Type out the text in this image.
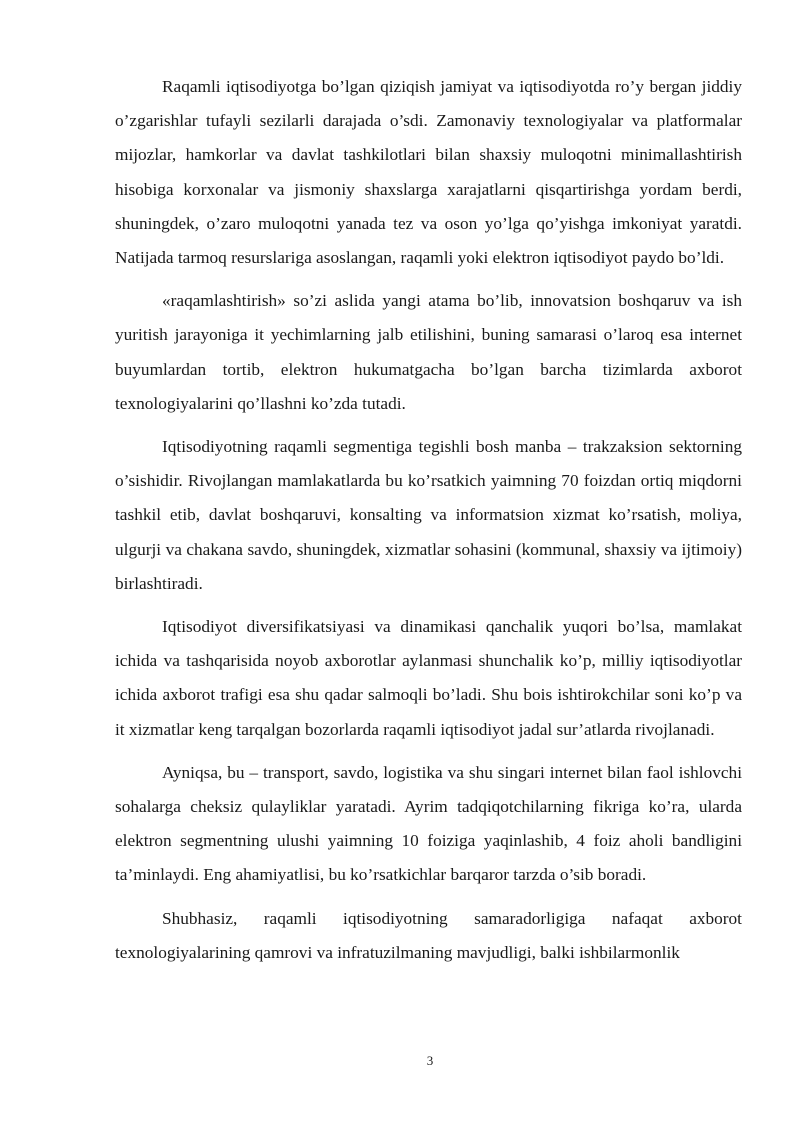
Raqamli iqtisodiyotga bo’lgan qiziqish jamiyat va iqtisodiyotda ro’y bergan jiddiy o’zgarishlar tufayli sezilarli darajada o’sdi. Zamonaviy texnologiyalar va platformalar mijozlar, hamkorlar va davlat tashkilotlari bilan shaxsiy muloqotni minimallashtirish hisobiga korxonalar va jismoniy shaxslarga xarajatlarni qisqartirishga yordam berdi, shuningdek, o’zaro muloqotni yanada tez va oson yo’lga qo’yishga imkoniyat yaratdi. Natijada tarmoq resurslariga asoslangan, raqamli yoki elektron iqtisodiyot paydo bo’ldi.

«raqamlashtirish» so’zi aslida yangi atama bo’lib, innovatsion boshqaruv va ish yuritish jarayoniga it yechimlarning jalb etilishini, buning samarasi o’laroq esa internet buyumlardan tortib, elektron hukumatgacha bo’lgan barcha tizimlarda axborot texnologiyalarini qo’llashni ko’zda tutadi.

Iqtisodiyotning raqamli segmentiga tegishli bosh manba – trakzaksion sektorning o’sishidir. Rivojlangan mamlakatlarda bu ko’rsatkich yaimning 70 foizdan ortiq miqdorni tashkil etib, davlat boshqaruvi, konsalting va informatsion xizmat ko’rsatish, moliya, ulgurji va chakana savdo, shuningdek, xizmatlar sohasini (kommunal, shaxsiy va ijtimoiy) birlashtiradi.

Iqtisodiyot diversifikatsiyasi va dinamikasi qanchalik yuqori bo’lsa, mamlakat ichida va tashqarisida noyob axborotlar aylanmasi shunchalik ko’p, milliy iqtisodiyotlar ichida axborot trafigi esa shu qadar salmoqli bo’ladi. Shu bois ishtirokchilar soni ko’p va it xizmatlar keng tarqalgan bozorlarda raqamli iqtisodiyot jadal sur’atlarda rivojlanadi.

Ayniqsa, bu – transport, savdo, logistika va shu singari internet bilan faol ishlovchi sohalarga cheksiz qulayliklar yaratadi. Ayrim tadqiqotchilarning fikriga ko’ra, ularda elektron segmentning ulushi yaimning 10 foiziga yaqinlashib, 4 foiz aholi bandligini ta’minlaydi. Eng ahamiyatlisi, bu ko’rsatkichlar barqaror tarzda o’sib boradi.

Shubhasiz, raqamli iqtisodiyotning samaradorligiga nafaqat axborot texnologiyalarining qamrovi va infratuzilmaning mavjudligi, balki ishbilarmonlik

3
